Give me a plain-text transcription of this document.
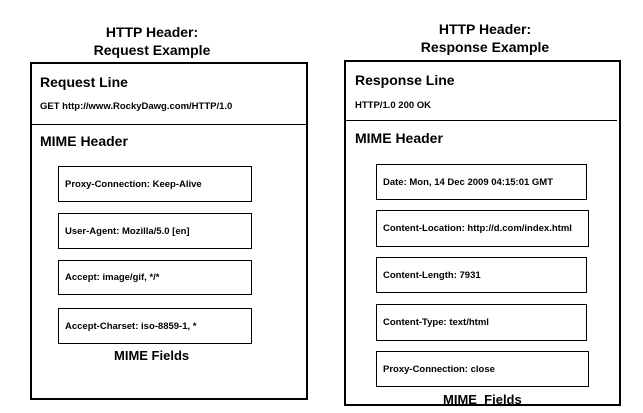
HTTP Header:
Request Example
Request Line
GET http://www.RockyDawg.com/HTTP/1.0
MIME Header
Proxy-Connection: Keep-Alive
User-Agent: Mozilla/5.0 [en]
Accept: image/gif, */*
Accept-Charset: iso-8859-1, *
MIME Fields
HTTP Header:
Response Example
Response Line
HTTP/1.0 200 OK
MIME Header
Date: Mon, 14 Dec 2009 04:15:01 GMT
Content-Location: http://d.com/index.html
Content-Length: 7931
Content-Type: text/html
Proxy-Connection: close
MIME  Fields
